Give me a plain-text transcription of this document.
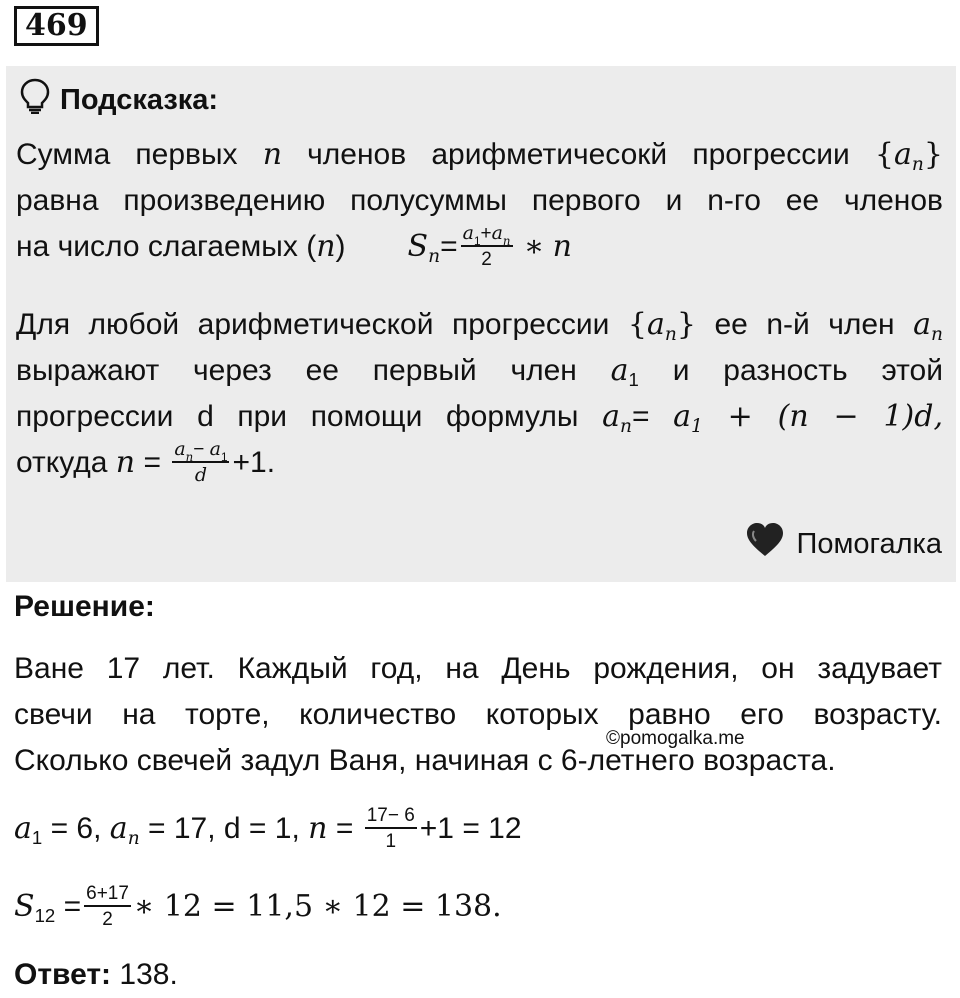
469
Подсказка:
Сумма первых n членов арифметичесокй прогрессии $\{a_n\}$
равна произведению полусуммы первого и n-го ее членов
на число слагаемых (n) $S_n= \frac{a_1+a_n}{2}$ ∗ n
Для любой арифметической прогрессии $\{a_n\}$ ее n-й член $a_n$
выражают через ее первый член $a_1$ и разность этой
прогрессии d при помощи формулы $a_n= a_1 + (n - 1)d$,
откуда $n = \frac{a_n- a_1}{d} +1$.
Помогалка
Решение:
Ване 17 лет. Каждый год, на День рождения, он задувает
свечи на торте, количество которых равно его возрасту.
Сколько свечей задул Ваня, начиная с 6-летнего возраста.
©pomogalka.me
$a_1 = 6$, $a_n = 17$, d = 1, $n = \frac{17- 6}{1} +1 = 12$
$S_{12} = \frac{6+17}{2}$ ∗ 12 = 11,5 ∗ 12 = 138.
Ответ: 138.
